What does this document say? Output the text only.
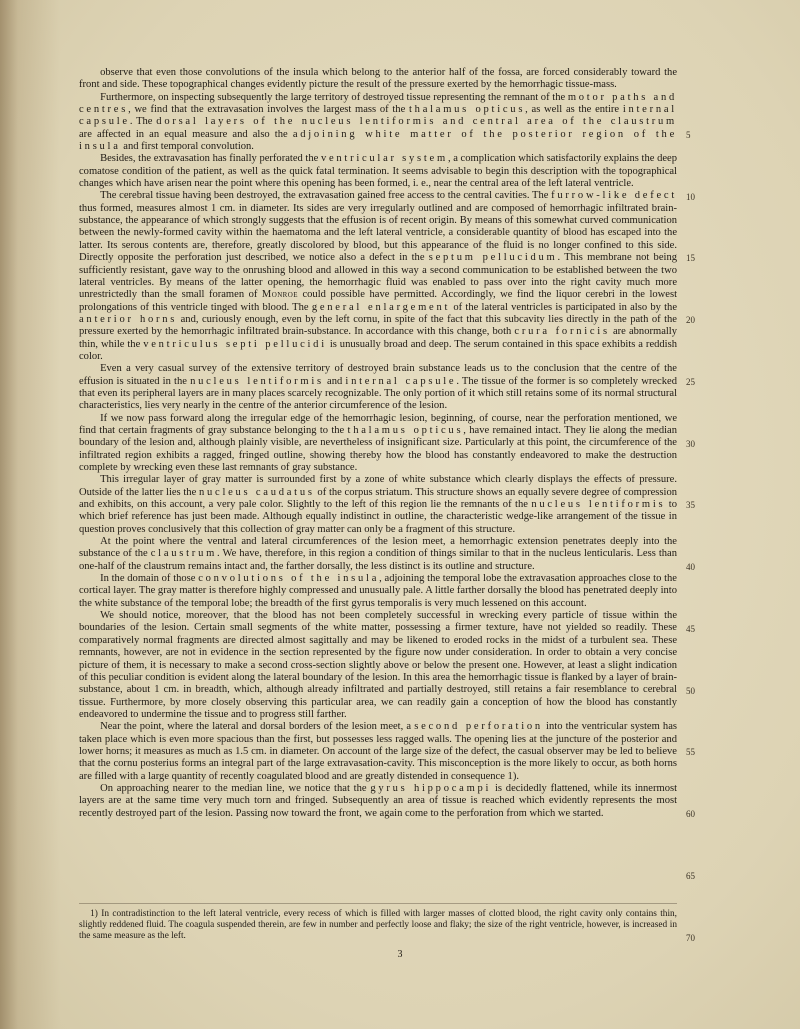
observe that even those convolutions of the insula which belong to the anterior half of the fossa, are forced considerably toward the front and side. These topographical changes evidently picture the result of the pressure exerted by the hemorrhagic tissue-mass.

Furthermore, on inspecting subsequently the large territory of destroyed tissue representing the remnant of the motor paths and centres, we find that the extravasation involves the largest mass of the thalamus opticus, as well as the entire internal capsule. The dorsal layers of the nucleus lentiformis and central area of the claustrum are affected in an equal measure and also the adjoining white matter of the posterior region of the insula and first temporal convolution.

Besides, the extravasation has finally perforated the ventricular system, a complication which satisfactorily explains the deep comatose condition of the patient, as well as the quick fatal termination. It seems advisable to begin this description with the topographical changes which have arisen near the point where this opening has been formed, i. e., near the central area of the left lateral ventricle.

The cerebral tissue having been destroyed, the extravasation gained free access to the central cavities. The furrow-like defect thus formed, measures almost 1 cm. in diameter. Its sides are very irregularly outlined and are composed of hemorrhagic infiltrated brain-substance, the appearance of which strongly suggests that the effusion is of recent origin. By means of this somewhat curved communication between the newly-formed cavity within the haematoma and the left lateral ventricle, a considerable quantity of blood has escaped into the latter. Its serous contents are, therefore, greatly discolored by blood, but this appearance of the fluid is no longer confined to this side. Directly opposite the perforation just described, we notice also a defect in the septum pellucidum. This membrane not being sufficiently resistant, gave way to the onrushing blood and allowed in this way a second communication to be established between the two lateral ventricles. By means of the latter opening, the hemorrhagic fluid was enabled to pass over into the right cavity much more unrestrictedly than the small foramen of Monroe could possible have permitted. Accordingly, we find the liquor cerebri in the lowest prolongations of this ventricle tinged with blood. The general enlargement of the lateral ventricles is participated in also by the anterior horns and, curiously enough, even by the left cornu, in spite of the fact that this subcavity lies directly in the path of the pressure exerted by the hemorrhagic infiltrated brain-substance. In accordance with this change, both crura fornicis are abnormally thin, while the ventriculus septi pellucidi is unusually broad and deep. The serum contained in this space exhibits a reddish color.

Even a very casual survey of the extensive territory of destroyed brain substance leads us to the conclusion that the centre of the effusion is situated in the nucleus lentiformis and internal capsule. The tissue of the former is so completely wrecked that even its peripheral layers are in many places scarcely recognizable. The only portion of it which still retains some of its normal structural characteristics, lies very nearly in the centre of the anterior circumference of the lesion.

If we now pass forward along the irregular edge of the hemorrhagic lesion, beginning, of course, near the perforation mentioned, we find that certain fragments of gray substance belonging to the thalamus opticus, have remained intact. They lie along the median boundary of the lesion and, although plainly visible, are nevertheless of insignificant size. Particularly at this point, the circumference of the infiltrated region exhibits a ragged, fringed outline, showing thereby how the blood has constantly endeavored to make the destruction complete by wrecking even these last remnants of gray substance.

This irregular layer of gray matter is surrounded first by a zone of white substance which clearly displays the effects of pressure. Outside of the latter lies the nucleus caudatus of the corpus striatum. This structure shows an equally severe degree of compression and exhibits, on this account, a very pale color. Slightly to the left of this region lie the remnants of the nucleus lentiformis to which brief reference has just been made. Although equally indistinct in outline, the characteristic wedge-like arrangement of the tissue in question proves conclusively that this collection of gray matter can only be a fragment of this structure.

At the point where the ventral and lateral circumferences of the lesion meet, a hemorrhagic extension penetrates deeply into the substance of the claustrum. We have, therefore, in this region a condition of things similar to that in the nucleus lenticularis. Less than one-half of the claustrum remains intact and, the farther dorsally, the less distinct is its outline and structure.

In the domain of those convolutions of the insula, adjoining the temporal lobe the extravasation approaches close to the cortical layer. The gray matter is therefore highly compressed and unusually pale. A little farther dorsally the blood has penetrated deeply into the white substance of the temporal lobe; the breadth of the first gyrus temporalis is very much lessened on this account.

We should notice, moreover, that the blood has not been completely successful in wrecking every particle of tissue within the boundaries of the lesion. Certain small segments of the white matter, possessing a firmer texture, have not yielded so readily. These comparatively normal fragments are directed almost sagittally and may be likened to eroded rocks in the midst of a turbulent sea. These remnants, however, are not in evidence in the section represented by the figure now under consideration. In order to obtain a very concise picture of them, it is necessary to make a second cross-section slightly above or below the present one. However, at least a slight indication of this peculiar condition is evident along the lateral boundary of the lesion. In this area the hemorrhagic tissue is flanked by a layer of brain-substance, about 1 cm. in breadth, which, although already infiltrated and partially destroyed, still retains a fair resemblance to cerebral tissue. Furthermore, by more closely observing this particular area, we can readily gain a conception of how the blood has constantly endeavored to undermine the tissue and to progress still farther.

Near the point, where the lateral and dorsal borders of the lesion meet, a second perforation into the ventricular system has taken place which is even more spacious than the first, but possesses less ragged walls. The opening lies at the juncture of the posterior and lower horns; it measures as much as 1.5 cm. in diameter. On account of the large size of the defect, the casual observer may be led to believe that the cornu posterius forms an integral part of the large extravasation-cavity. This misconception is the more likely to occur, as both horns are filled with a large quantity of recently coagulated blood and are greatly distended in consequence 1).

On approaching nearer to the median line, we notice that the gyrus hippocampi is decidedly flattened, while its innermost layers are at the same time very much torn and fringed. Subsequently an area of tissue is reached which evidently represents the most recently destroyed part of the lesion. Passing now toward the front, we again come to the perforation from which we started.

5
10
15
20
25
30
35
40
45
50
55
60
65
70
1) In contradistinction to the left lateral ventricle, every recess of which is filled with larger masses of clotted blood, the right cavity only contains thin, slightly reddened fluid. The coagula suspended therein, are few in number and perfectly loose and flaky; the size of the right ventricle, however, is increased in the same measure as the left.
3
